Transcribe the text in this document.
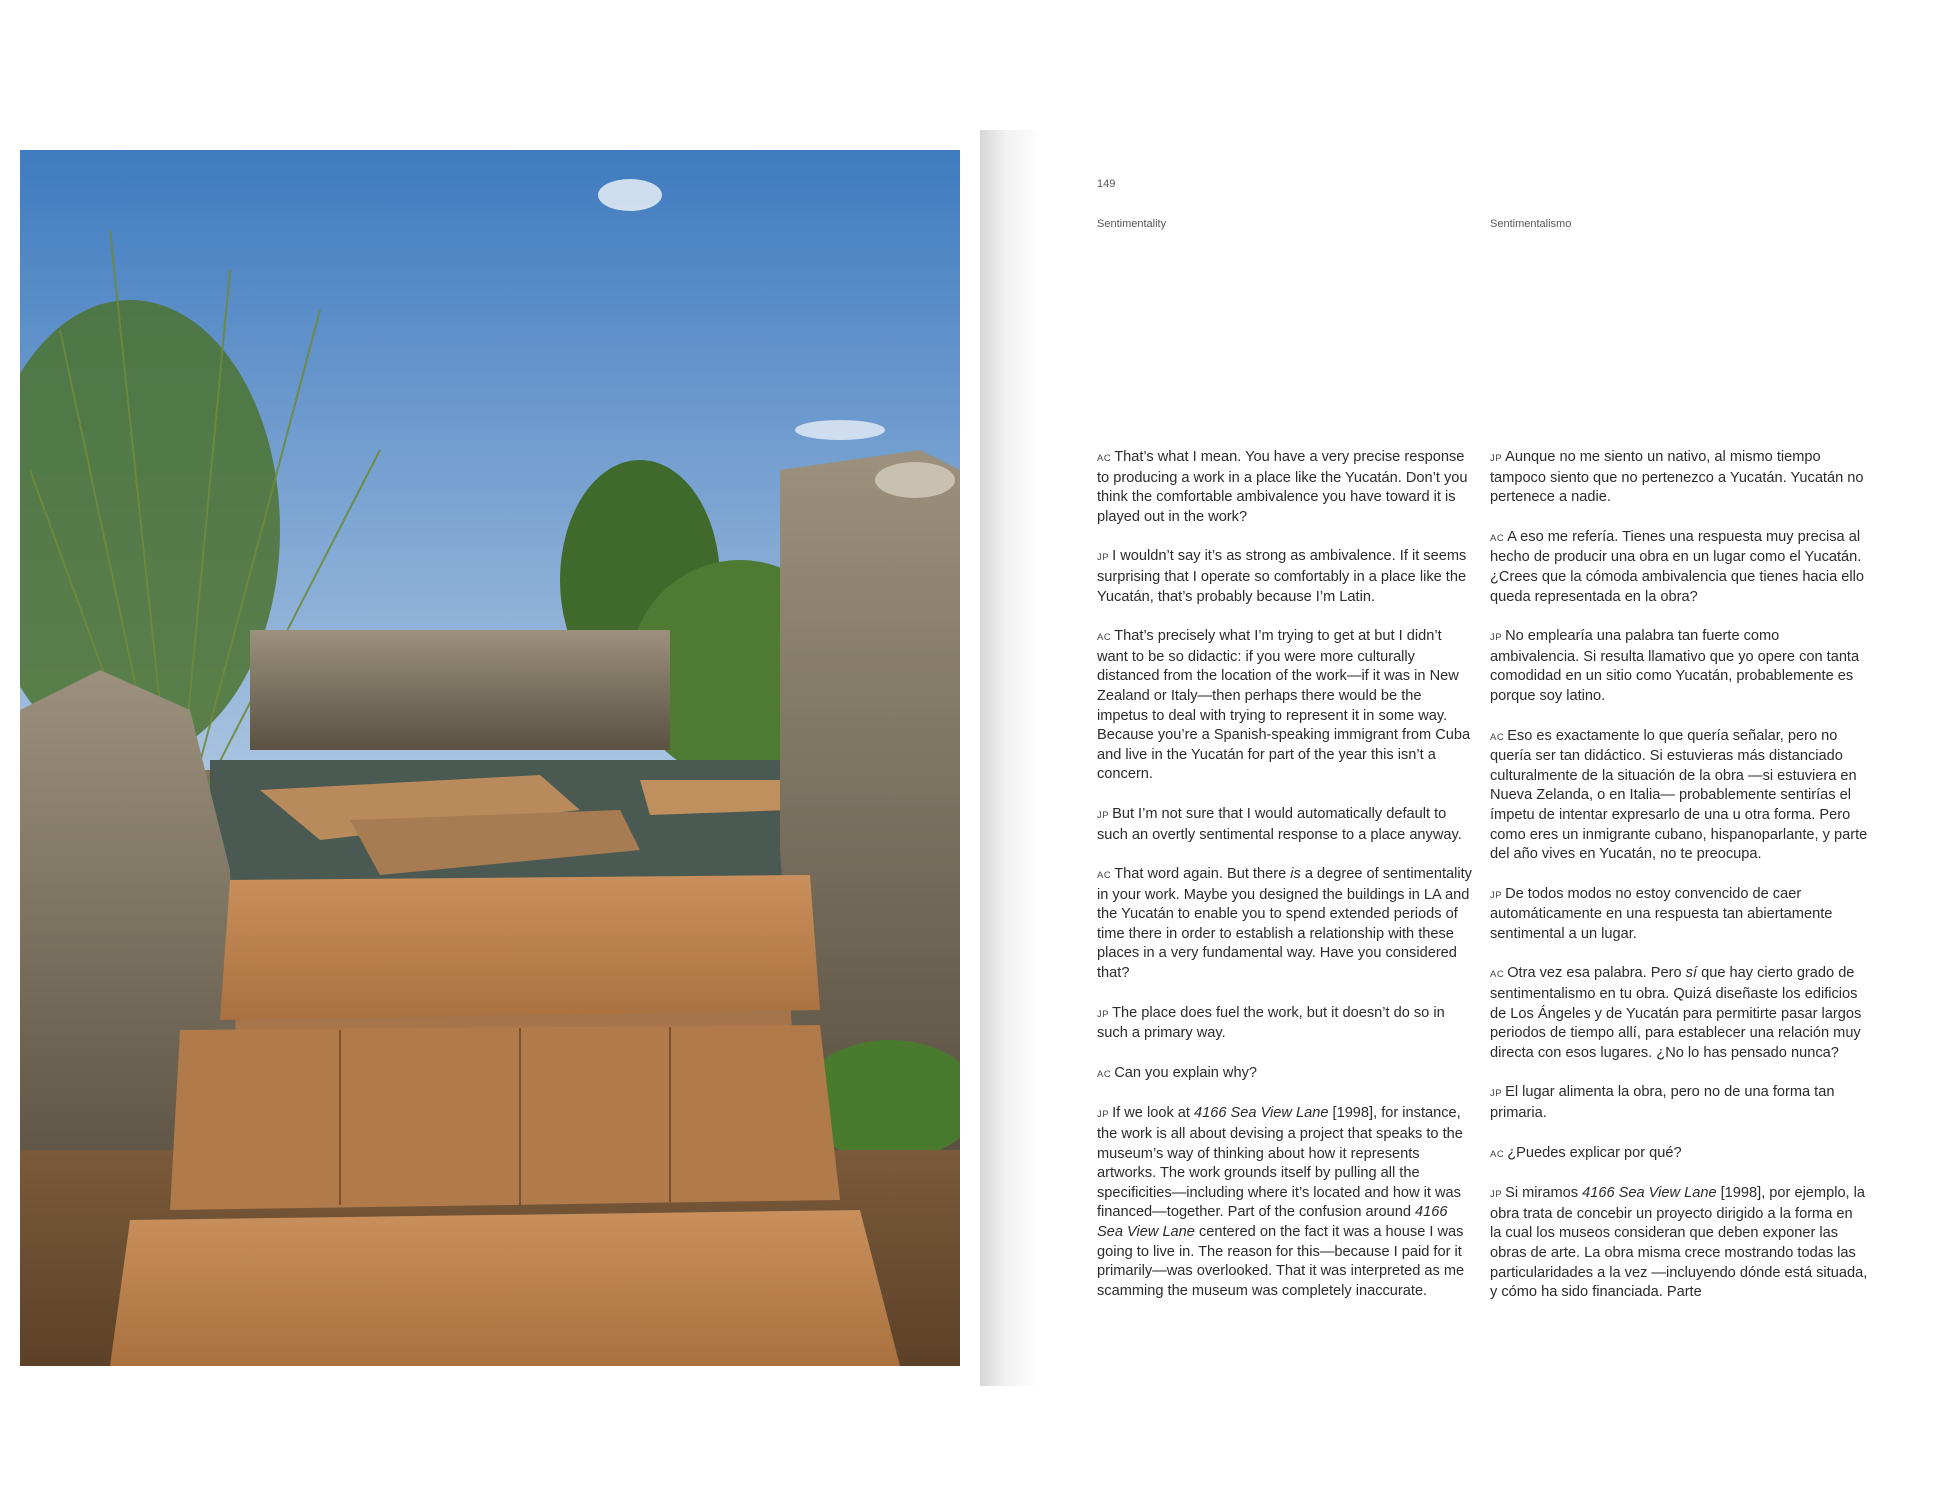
149
Sentimentality	Sentimentalismo

AC That’s what I mean. You have a very precise response to producing a work in a place like the Yucatán. Don’t you think the comfortable ambivalence you have toward it is played out in the work?

JP I wouldn’t say it’s as strong as ambivalence. If it seems surprising that I operate so comfortably in a place like the Yucatán, that’s probably because I’m Latin.

AC That’s precisely what I’m trying to get at but I didn’t want to be so didactic: if you were more culturally distanced from the location of the work—if it was in New Zealand or Italy—then perhaps there would be the impetus to deal with trying to represent it in some way. Because you’re a Spanish-speaking immigrant from Cuba and live in the Yucatán for part of the year this isn’t a concern.

JP But I’m not sure that I would automatically default to such an overtly sentimental response to a place anyway.

AC That word again. But there is a degree of sentimentality in your work. Maybe you designed the buildings in LA and the Yucatán to enable you to spend extended periods of time there in order to establish a relationship with these places in a very fundamental way. Have you considered that?

JP The place does fuel the work, but it doesn’t do so in such a primary way.

AC Can you explain why?

JP If we look at 4166 Sea View Lane [1998], for instance, the work is all about devising a project that speaks to the museum’s way of thinking about how it represents artworks. The work grounds itself by pulling all the specificities—including where it’s located and how it was financed—together. Part of the confusion around 4166 Sea View Lane centered on the fact it was a house I was going to live in. The reason for this—because I paid for it primarily—was overlooked. That it was interpreted as me scamming the museum was completely inaccurate.

JP Aunque no me siento un nativo, al mismo tiempo tampoco siento que no pertenezco a Yucatán. Yucatán no pertenece a nadie.

AC A eso me refería. Tienes una respuesta muy precisa al hecho de producir una obra en un lugar como el Yucatán. ¿Crees que la cómoda ambivalencia que tienes hacia ello queda representada en la obra?

JP No emplearía una palabra tan fuerte como ambivalencia. Si resulta llamativo que yo opere con tanta comodidad en un sitio como Yucatán, probablemente es porque soy latino.

AC Eso es exactamente lo que quería señalar, pero no quería ser tan didáctico. Si estuvieras más distanciado culturalmente de la situación de la obra —si estuviera en Nueva Zelanda, o en Italia— probablemente sentirías el ímpetu de intentar expresarlo de una u otra forma. Pero como eres un inmigrante cubano, hispanoparlante, y parte del año vives en Yucatán, no te preocupa.

JP De todos modos no estoy convencido de caer automáticamente en una respuesta tan abiertamente sentimental a un lugar.

AC Otra vez esa palabra. Pero sí que hay cierto grado de sentimentalismo en tu obra. Quizá diseñaste los edificios de Los Ángeles y de Yucatán para permitirte pasar largos periodos de tiempo allí, para establecer una relación muy directa con esos lugares. ¿No lo has pensado nunca?

JP El lugar alimenta la obra, pero no de una forma tan primaria.

AC ¿Puedes explicar por qué?

JP Si miramos 4166 Sea View Lane [1998], por ejemplo, la obra trata de concebir un proyecto dirigido a la forma en la cual los museos consideran que deben exponer las obras de arte. La obra misma crece mostrando todas las particularidades a la vez —incluyendo dónde está situada, y cómo ha sido financiada. Parte
